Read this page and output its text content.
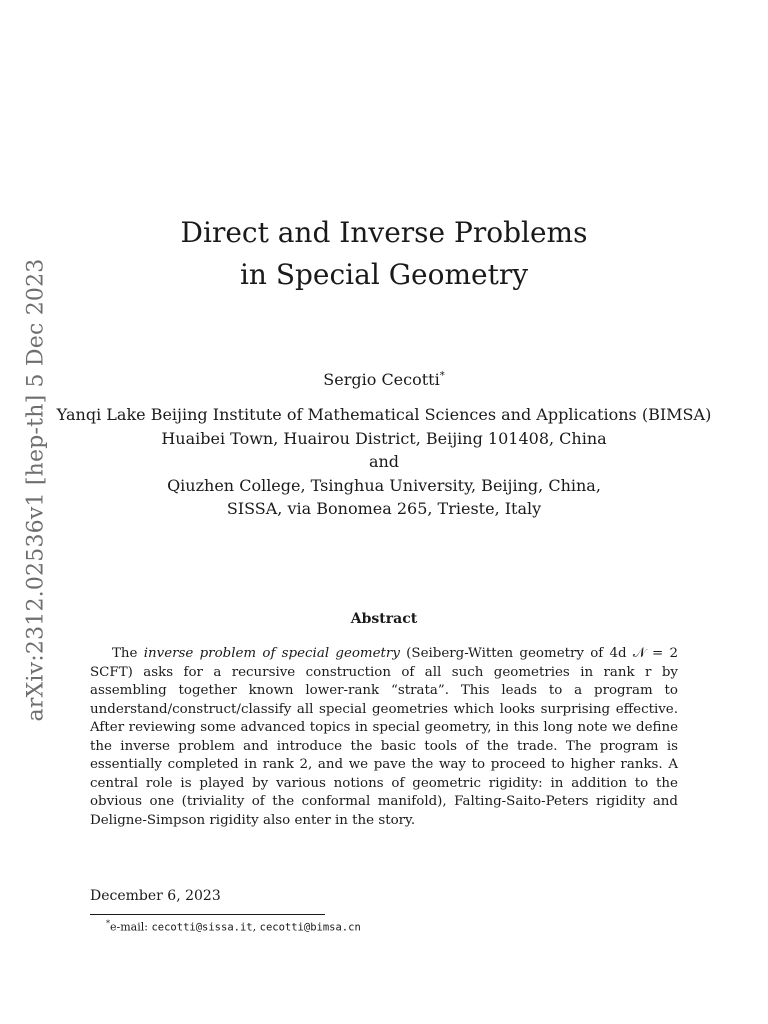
arXiv:2312.02536v1 [hep-th] 5 Dec 2023
Direct and Inverse Problems
in Special Geometry
Sergio Cecotti*
Yanqi Lake Beijing Institute of Mathematical Sciences and Applications (BIMSA)
Huaibei Town, Huairou District, Beijing 101408, China
and
Qiuzhen College, Tsinghua University, Beijing, China,
SISSA, via Bonomea 265, Trieste, Italy
Abstract

The inverse problem of special geometry (Seiberg-Witten geometry of 4d 𝒩 = 2 SCFT) asks for a recursive construction of all such geometries in rank r by assembling together known lower-rank “strata”. This leads to a program to understand/construct/classify all special geometries which looks surprising effective. After reviewing some advanced topics in special geometry, in this long note we define the inverse problem and introduce the basic tools of the trade. The program is essentially completed in rank 2, and we pave the way to proceed to higher ranks. A central role is played by various notions of geometric rigidity: in addition to the obvious one (triviality of the conformal manifold), Falting-Saito-Peters rigidity and Deligne-Simpson rigidity also enter in the story.

December 6, 2023
*e-mail: cecotti@sissa.it, cecotti@bimsa.cn
